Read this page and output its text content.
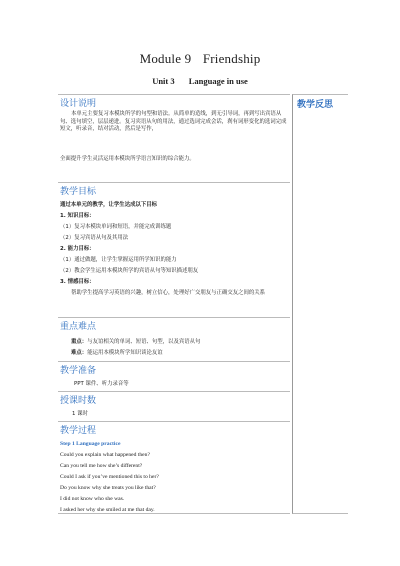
Module 9 Friendship
Unit 3 Language in use
教学反思
设计说明
本单元主要复习本模块所学的句型和语法。从简单的造线，到无引导词，再到写出宾语从句、选句填空，层层递进。复习宾语从句的用法，通过选词完成会话，刹有词形变化的选词完成短文，听录音，结对活动，然后是写作，
全面提升学生灵活运用本模块所学语言知识的综合能力。
教学目标
通过本单元的教学，让学生达成以下目标
1. 知识目标：
（1）复习本模块单词和短语，并能完成训练题
（2）复习宾语从句及其用法
2. 能力目标：
（1）通过做题，让学生掌握运用所学知识的能力
（2）教会学生运用本模块所学的宾语从句等知识描述朋友
3. 情感目标：
帮助学生提高学习英语的兴趣，树立信心，处理好广交朋友与正确交友之间的关系
重点难点
重点：与友谊相关的单词、短语、句型，以及宾语从句
难点：能运用本模块所学知识谈论友谊
教学准备
PPT 课件、听力录音等
授课时数
1 课时
教学过程
Step 1 Language practice
Could you explain what happened then?
Can you tell me how she’s different?
Could I ask if you’ve mentioned this to her?
Do you know why she treats you like that?
I did not know who she was.
I asked her why she smiled at me that day.
